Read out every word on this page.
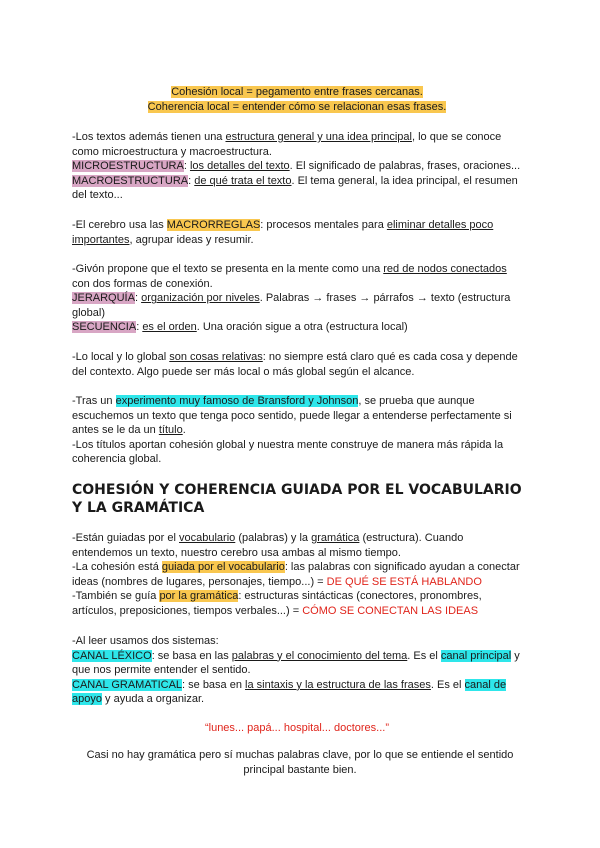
Cohesión local = pegamento entre frases cercanas.
Coherencia local = entender cómo se relacionan esas frases.
-Los textos además tienen una estructura general y una idea principal, lo que se conoce como microestructura y macroestructura.
MICROESTRUCTURA: los detalles del texto. El significado de palabras, frases, oraciones...
MACROESTRUCTURA: de qué trata el texto. El tema general, la idea principal, el resumen del texto...
-El cerebro usa las MACRORREGLAS: procesos mentales para eliminar detalles poco importantes, agrupar ideas y resumir.
-Givón propone que el texto se presenta en la mente como una red de nodos conectados con dos formas de conexión.
JERARQUÍA: organización por niveles. Palabras → frases → párrafos → texto (estructura global)
SECUENCIA: es el orden. Una oración sigue a otra (estructura local)
-Lo local y lo global son cosas relativas: no siempre está claro qué es cada cosa y depende del contexto. Algo puede ser más local o más global según el alcance.
-Tras un experimento muy famoso de Bransford y Johnson, se prueba que aunque escuchemos un texto que tenga poco sentido, puede llegar a entenderse perfectamente si antes se le da un título.
-Los títulos aportan cohesión global y nuestra mente construye de manera más rápida la coherencia global.
COHESIÓN Y COHERENCIA GUIADA POR EL VOCABULARIO Y LA GRAMÁTICA
-Están guiadas por el vocabulario (palabras) y la gramática (estructura). Cuando entendemos un texto, nuestro cerebro usa ambas al mismo tiempo.
-La cohesión está guiada por el vocabulario: las palabras con significado ayudan a conectar ideas (nombres de lugares, personajes, tiempo...) = DE QUÉ SE ESTÁ HABLANDO
-También se guía por la gramática: estructuras sintácticas (conectores, pronombres, artículos, preposiciones, tiempos verbales...) = CÓMO SE CONECTAN LAS IDEAS
-Al leer usamos dos sistemas:
CANAL LÉXICO: se basa en las palabras y el conocimiento del tema. Es el canal principal y que nos permite entender el sentido.
CANAL GRAMATICAL: se basa en la sintaxis y la estructura de las frases. Es el canal de apoyo y ayuda a organizar.
“lunes... papá... hospital... doctores...”
Casi no hay gramática pero sí muchas palabras clave, por lo que se entiende el sentido principal bastante bien.
